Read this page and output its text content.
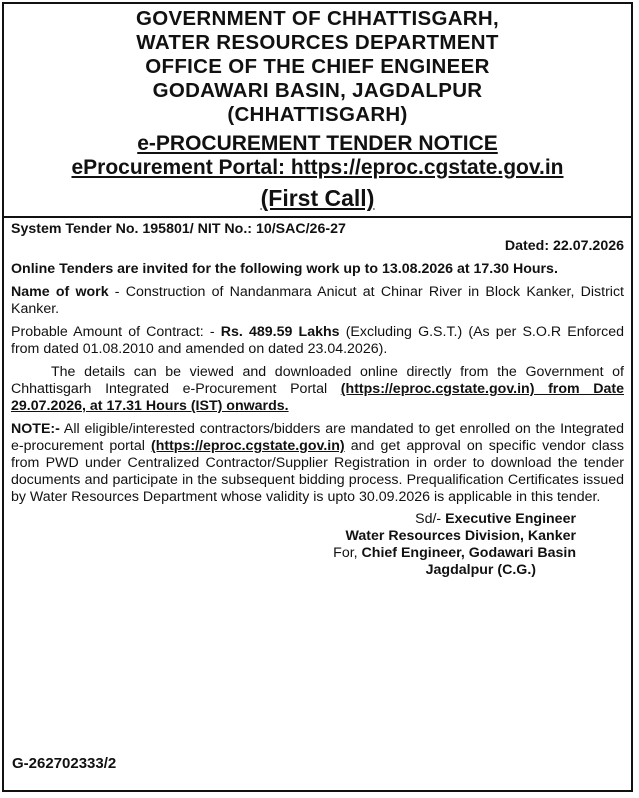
GOVERNMENT OF CHHATTISGARH,
WATER RESOURCES DEPARTMENT
OFFICE OF THE CHIEF ENGINEER
GODAWARI BASIN, JAGDALPUR
(CHHATTISGARH)
e-PROCUREMENT TENDER NOTICE
eProcurement Portal: https://eproc.cgstate.gov.in
(First Call)
System Tender No. 195801/ NIT No.: 10/SAC/26-27
Dated: 22.07.2026
Online Tenders are invited for the following work up to 13.08.2026 at 17.30 Hours.
Name of work - Construction of Nandanmara Anicut at Chinar River in Block Kanker, District Kanker.
Probable Amount of Contract: - Rs. 489.59 Lakhs (Excluding G.S.T.) (As per S.O.R Enforced from dated 01.08.2010 and amended on dated 23.04.2026).
The details can be viewed and downloaded online directly from the Government of Chhattisgarh Integrated e-Procurement Portal (https://eproc.cgstate.gov.in) from Date 29.07.2026, at 17.31 Hours (IST) onwards.
NOTE:- All eligible/interested contractors/bidders are mandated to get enrolled on the Integrated e-procurement portal (https://eproc.cgstate.gov.in) and get approval on specific vendor class from PWD under Centralized Contractor/Supplier Registration in order to download the tender documents and participate in the subsequent bidding process. Prequalification Certificates issued by Water Resources Department whose validity is upto 30.09.2026 is applicable in this tender.
Sd/- Executive Engineer
Water Resources Division, Kanker
For, Chief Engineer, Godawari Basin
Jagdalpur (C.G.)
G-262702333/2
